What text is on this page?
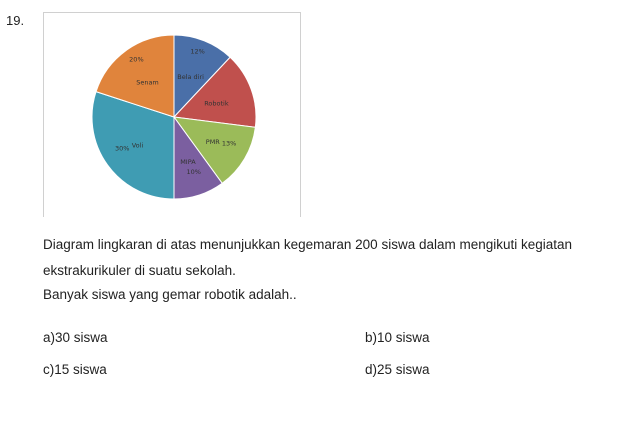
19.
Bela diri
12%
Robotik
PMR 13%
MIPA
10%
Voli
30%
Senam
20%
Diagram lingkaran di atas menunjukkan kegemaran 200 siswa dalam mengikuti kegiatan
ekstrakurikuler di suatu sekolah.
Banyak siswa yang gemar robotik adalah..
a)30 siswa	b)10 siswa
c)15 siswa	d)25 siswa
